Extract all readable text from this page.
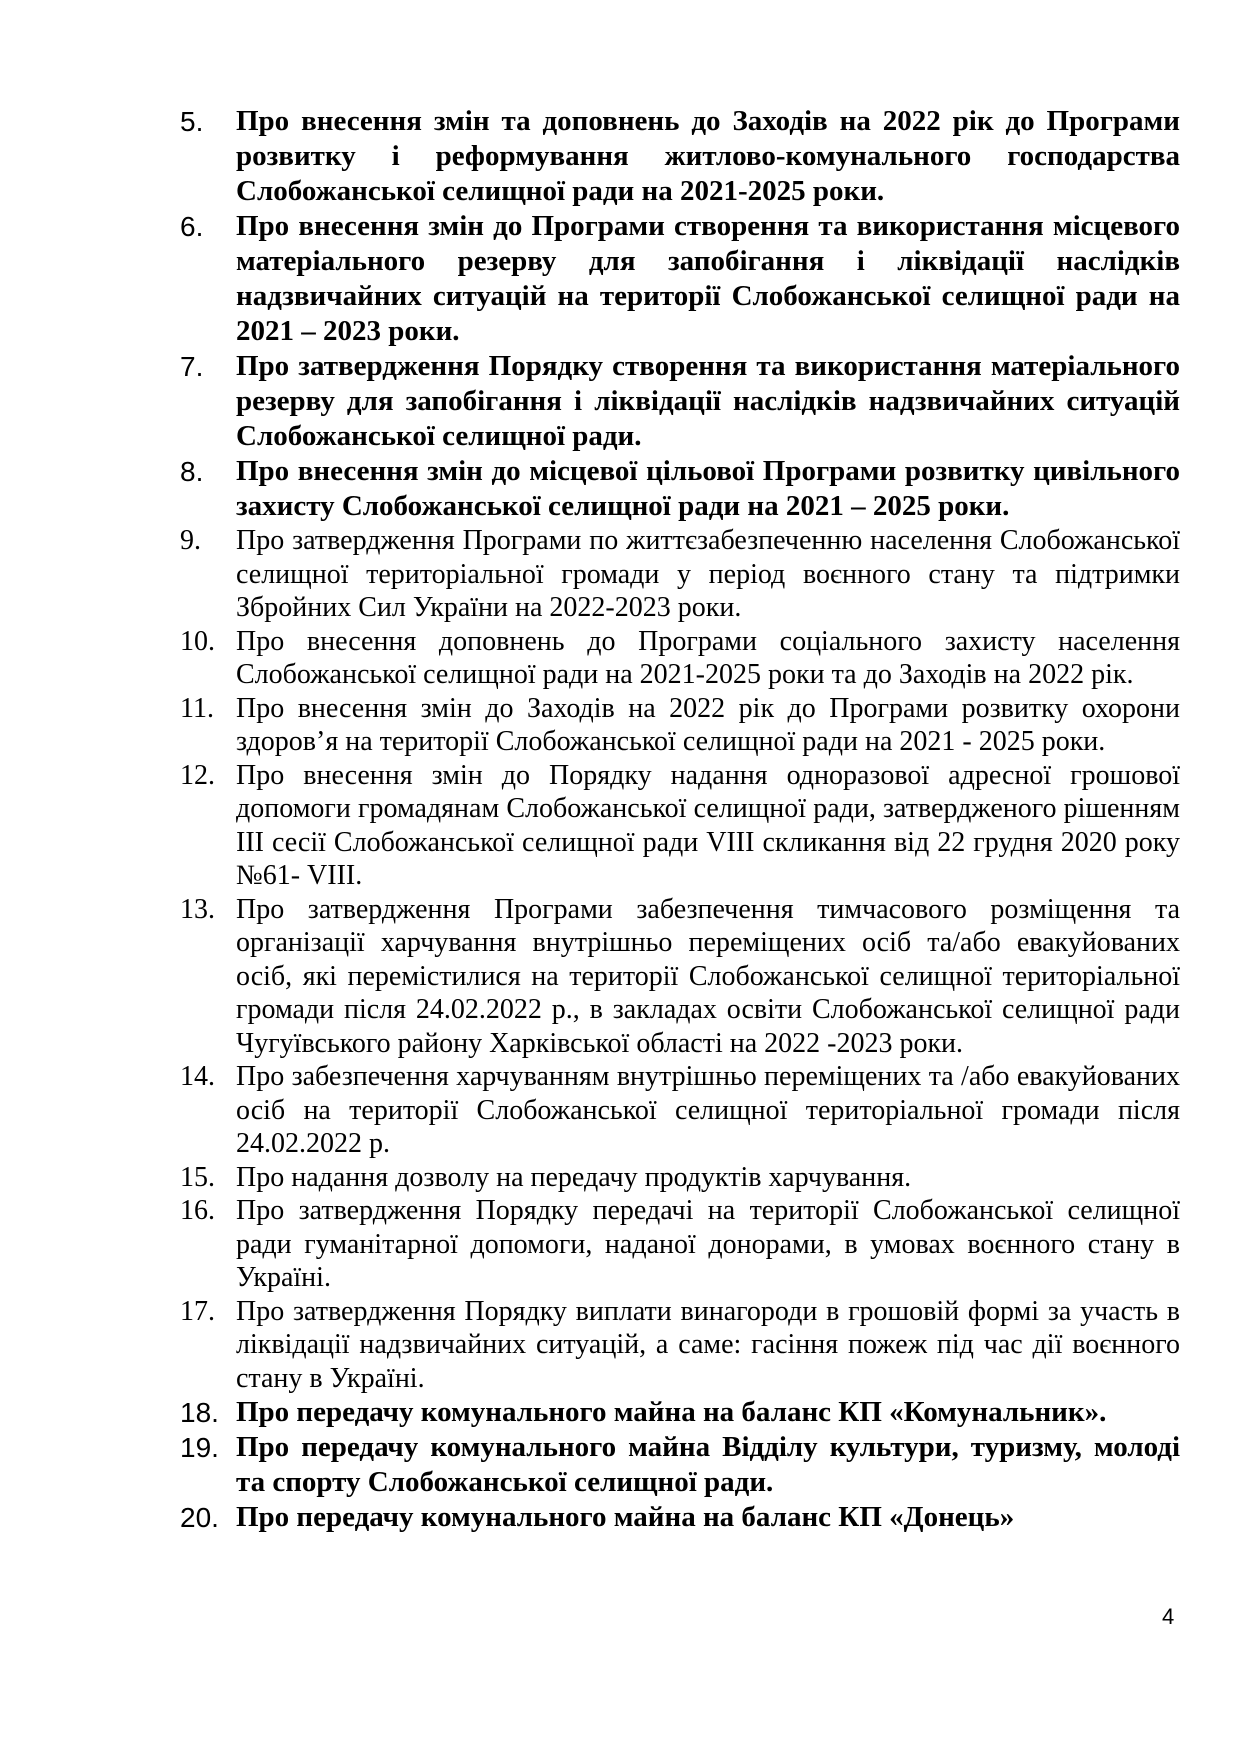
5.	Про внесення змін та доповнень до Заходів на 2022 рік до Програми розвитку і реформування житлово-комунального господарства Слобожанської селищної ради на 2021-2025 роки.
6.	Про внесення змін до Програми створення та використання місцевого матеріального резерву для запобігання і ліквідації наслідків надзвичайних ситуацій на території Слобожанської селищної ради на 2021 – 2023 роки.
7.	Про затвердження Порядку створення та використання матеріального резерву для запобігання і ліквідації наслідків надзвичайних ситуацій Слобожанської селищної ради.
8.	Про внесення змін до місцевої цільової Програми розвитку цивільного захисту Слобожанської селищної ради на 2021 – 2025 роки.
9.	Про затвердження Програми по життєзабезпеченню населення Слобожанської селищної територіальної громади у період воєнного стану та підтримки Збройних Сил України на 2022-2023 роки.
10. Про внесення доповнень до Програми соціального захисту населення Слобожанської селищної ради на 2021-2025 роки та до Заходів на 2022 рік.
11. Про внесення змін до Заходів на 2022 рік до Програми розвитку охорони здоров’я на території Слобожанської селищної ради на 2021 - 2025 роки.
12. Про внесення змін до Порядку надання одноразової адресної грошової допомоги громадянам Слобожанської селищної ради, затвердженого рішенням ІІІ сесії Слобожанської селищної ради VIII скликання від 22 грудня 2020 року №61- VIII.
13. Про затвердження Програми забезпечення тимчасового розміщення та організації харчування внутрішньо переміщених осіб та/або евакуйованих осіб, які перемістилися на території Слобожанської селищної територіальної громади після 24.02.2022 р., в закладах освіти Слобожанської селищної ради Чугуївського району Харківської області на 2022 -2023 роки.
14. Про забезпечення харчуванням внутрішньо переміщених та /або евакуйованих осіб на території Слобожанської селищної територіальної громади після 24.02.2022 р.
15. Про надання дозволу на передачу продуктів харчування.
16. Про затвердження Порядку передачі на території Слобожанської селищної ради гуманітарної допомоги, наданої донорами, в умовах воєнного стану в Україні.
17. Про затвердження Порядку виплати винагороди в грошовій формі за участь в ліквідації надзвичайних ситуацій, а саме: гасіння пожеж під час дії воєнного стану в Україні.
18. Про передачу комунального майна на баланс КП «Комунальник».
19. Про передачу комунального майна Відділу культури, туризму, молоді та спорту Слобожанської селищної ради.
20. Про передачу комунального майна на баланс КП «Донець»
4
